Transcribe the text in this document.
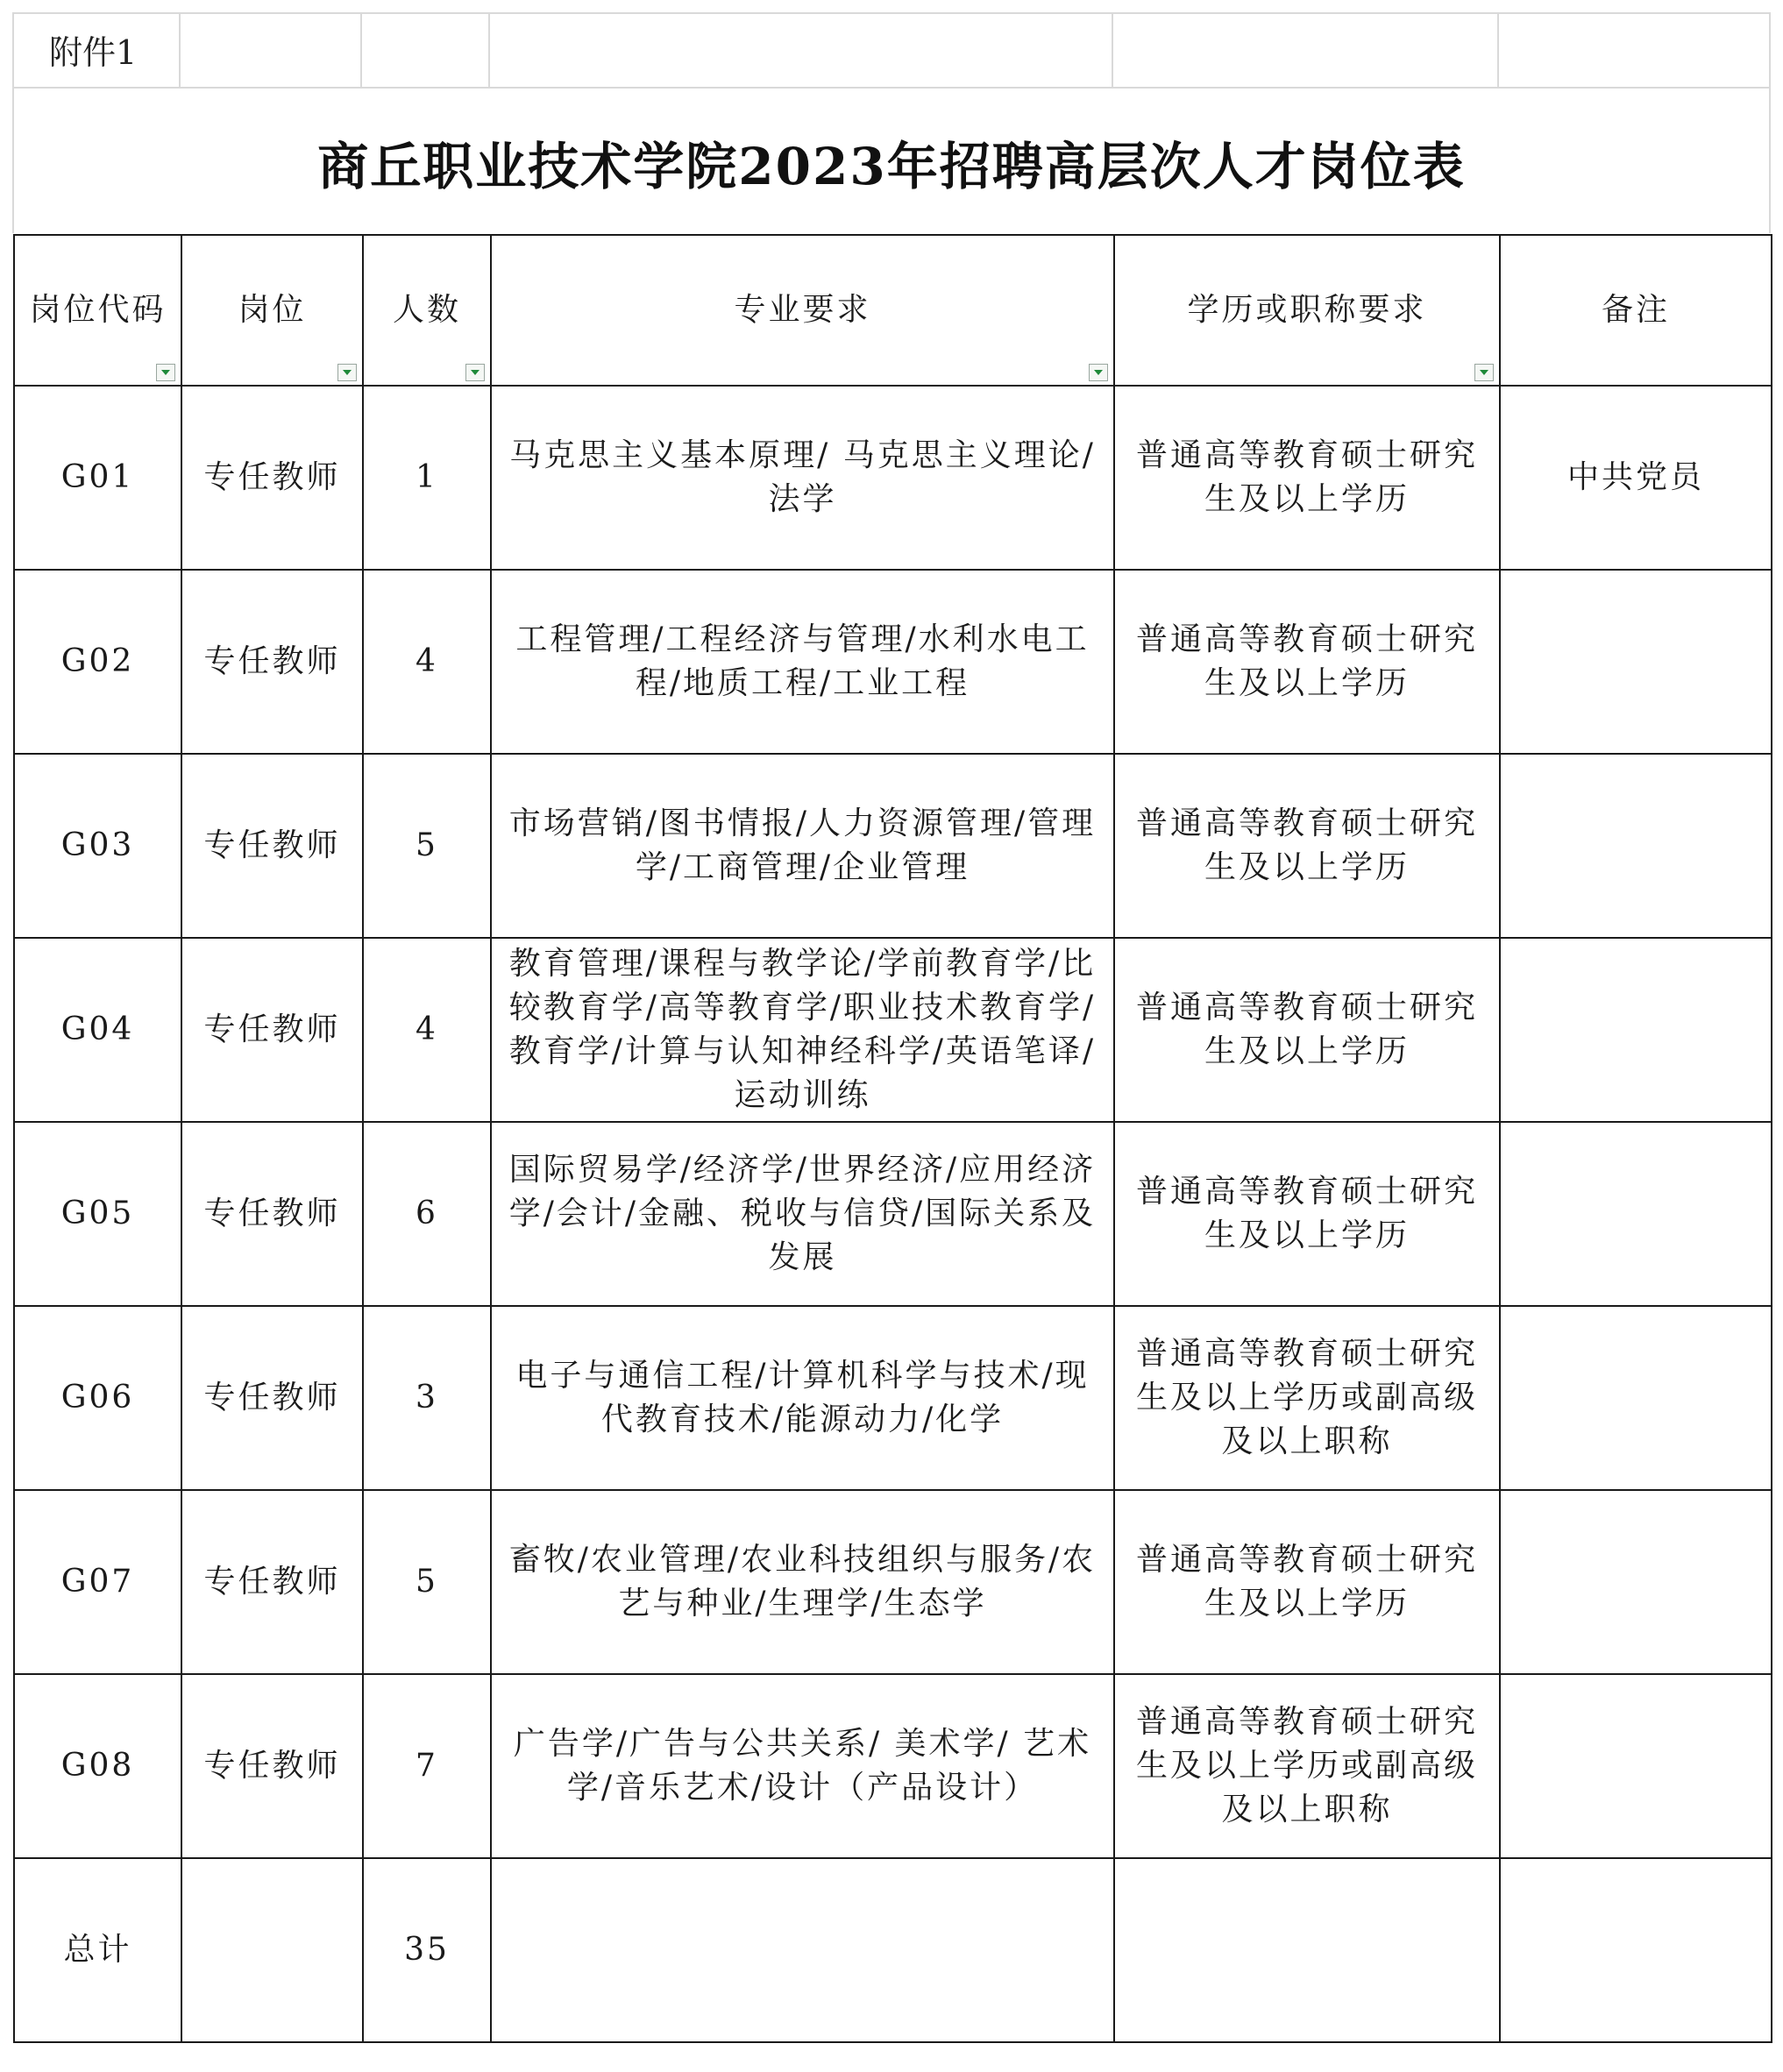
附件1
商丘职业技术学院2023年招聘高层次人才岗位表
岗位代码	岗位	人数	专业要求	学历或职称要求	备注
G01	专任教师	1	马克思主义基本原理/ 马克思主义理论/法学	普通高等教育硕士研究生及以上学历	中共党员
G02	专任教师	4	工程管理/工程经济与管理/水利水电工程/地质工程/工业工程	普通高等教育硕士研究生及以上学历	
G03	专任教师	5	市场营销/图书情报/人力资源管理/管理学/工商管理/企业管理	普通高等教育硕士研究生及以上学历	
G04	专任教师	4	教育管理/课程与教学论/学前教育学/比较教育学/高等教育学/职业技术教育学/教育学/计算与认知神经科学/英语笔译/运动训练	普通高等教育硕士研究生及以上学历	
G05	专任教师	6	国际贸易学/经济学/世界经济/应用经济学/会计/金融、税收与信贷/国际关系及发展	普通高等教育硕士研究生及以上学历	
G06	专任教师	3	电子与通信工程/计算机科学与技术/现代教育技术/能源动力/化学	普通高等教育硕士研究生及以上学历或副高级及以上职称	
G07	专任教师	5	畜牧/农业管理/农业科技组织与服务/农艺与种业/生理学/生态学	普通高等教育硕士研究生及以上学历	
G08	专任教师	7	广告学/广告与公共关系/ 美术学/ 艺术学/音乐艺术/设计（产品设计）	普通高等教育硕士研究生及以上学历或副高级及以上职称	
总计		35			
